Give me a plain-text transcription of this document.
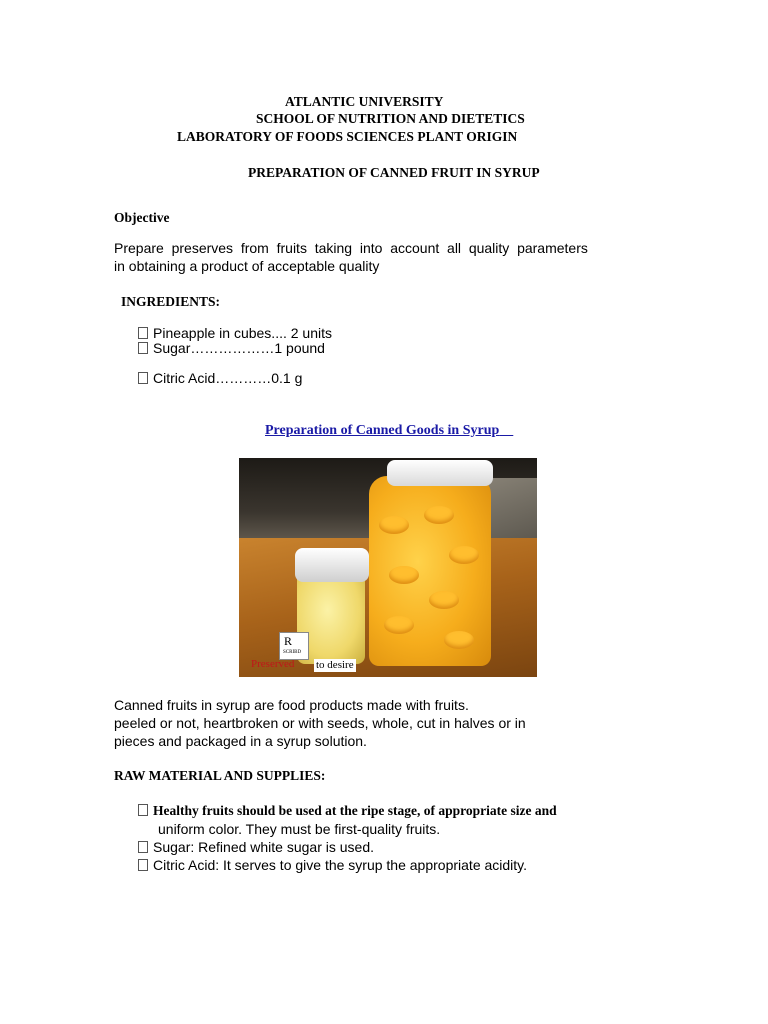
ATLANTIC UNIVERSITY
SCHOOL OF NUTRITION AND DIETETICS
LABORATORY OF FOODS SCIENCES PLANT ORIGIN
PREPARATION OF CANNED FRUIT IN SYRUP
Objective
Prepare  preserves  from  fruits  taking  into  account  all  quality  parameters
in obtaining a product of acceptable quality
INGREDIENTS:
Pineapple in cubes.... 2 units
Sugar………………1 pound
Citric Acid…………0.1 g
Preparation of Canned Goods in Syrup
R
SCRIBD
Preserved to desire
Canned fruits in syrup are food products made with fruits.
peeled or not, heartbroken or with seeds, whole, cut in halves or in
pieces and packaged in a syrup solution.
RAW MATERIAL AND SUPPLIES:
Healthy fruits should be used at the ripe stage, of appropriate size and
uniform color. They must be first-quality fruits.
Sugar: Refined white sugar is used.
Citric Acid: It serves to give the syrup the appropriate acidity.
